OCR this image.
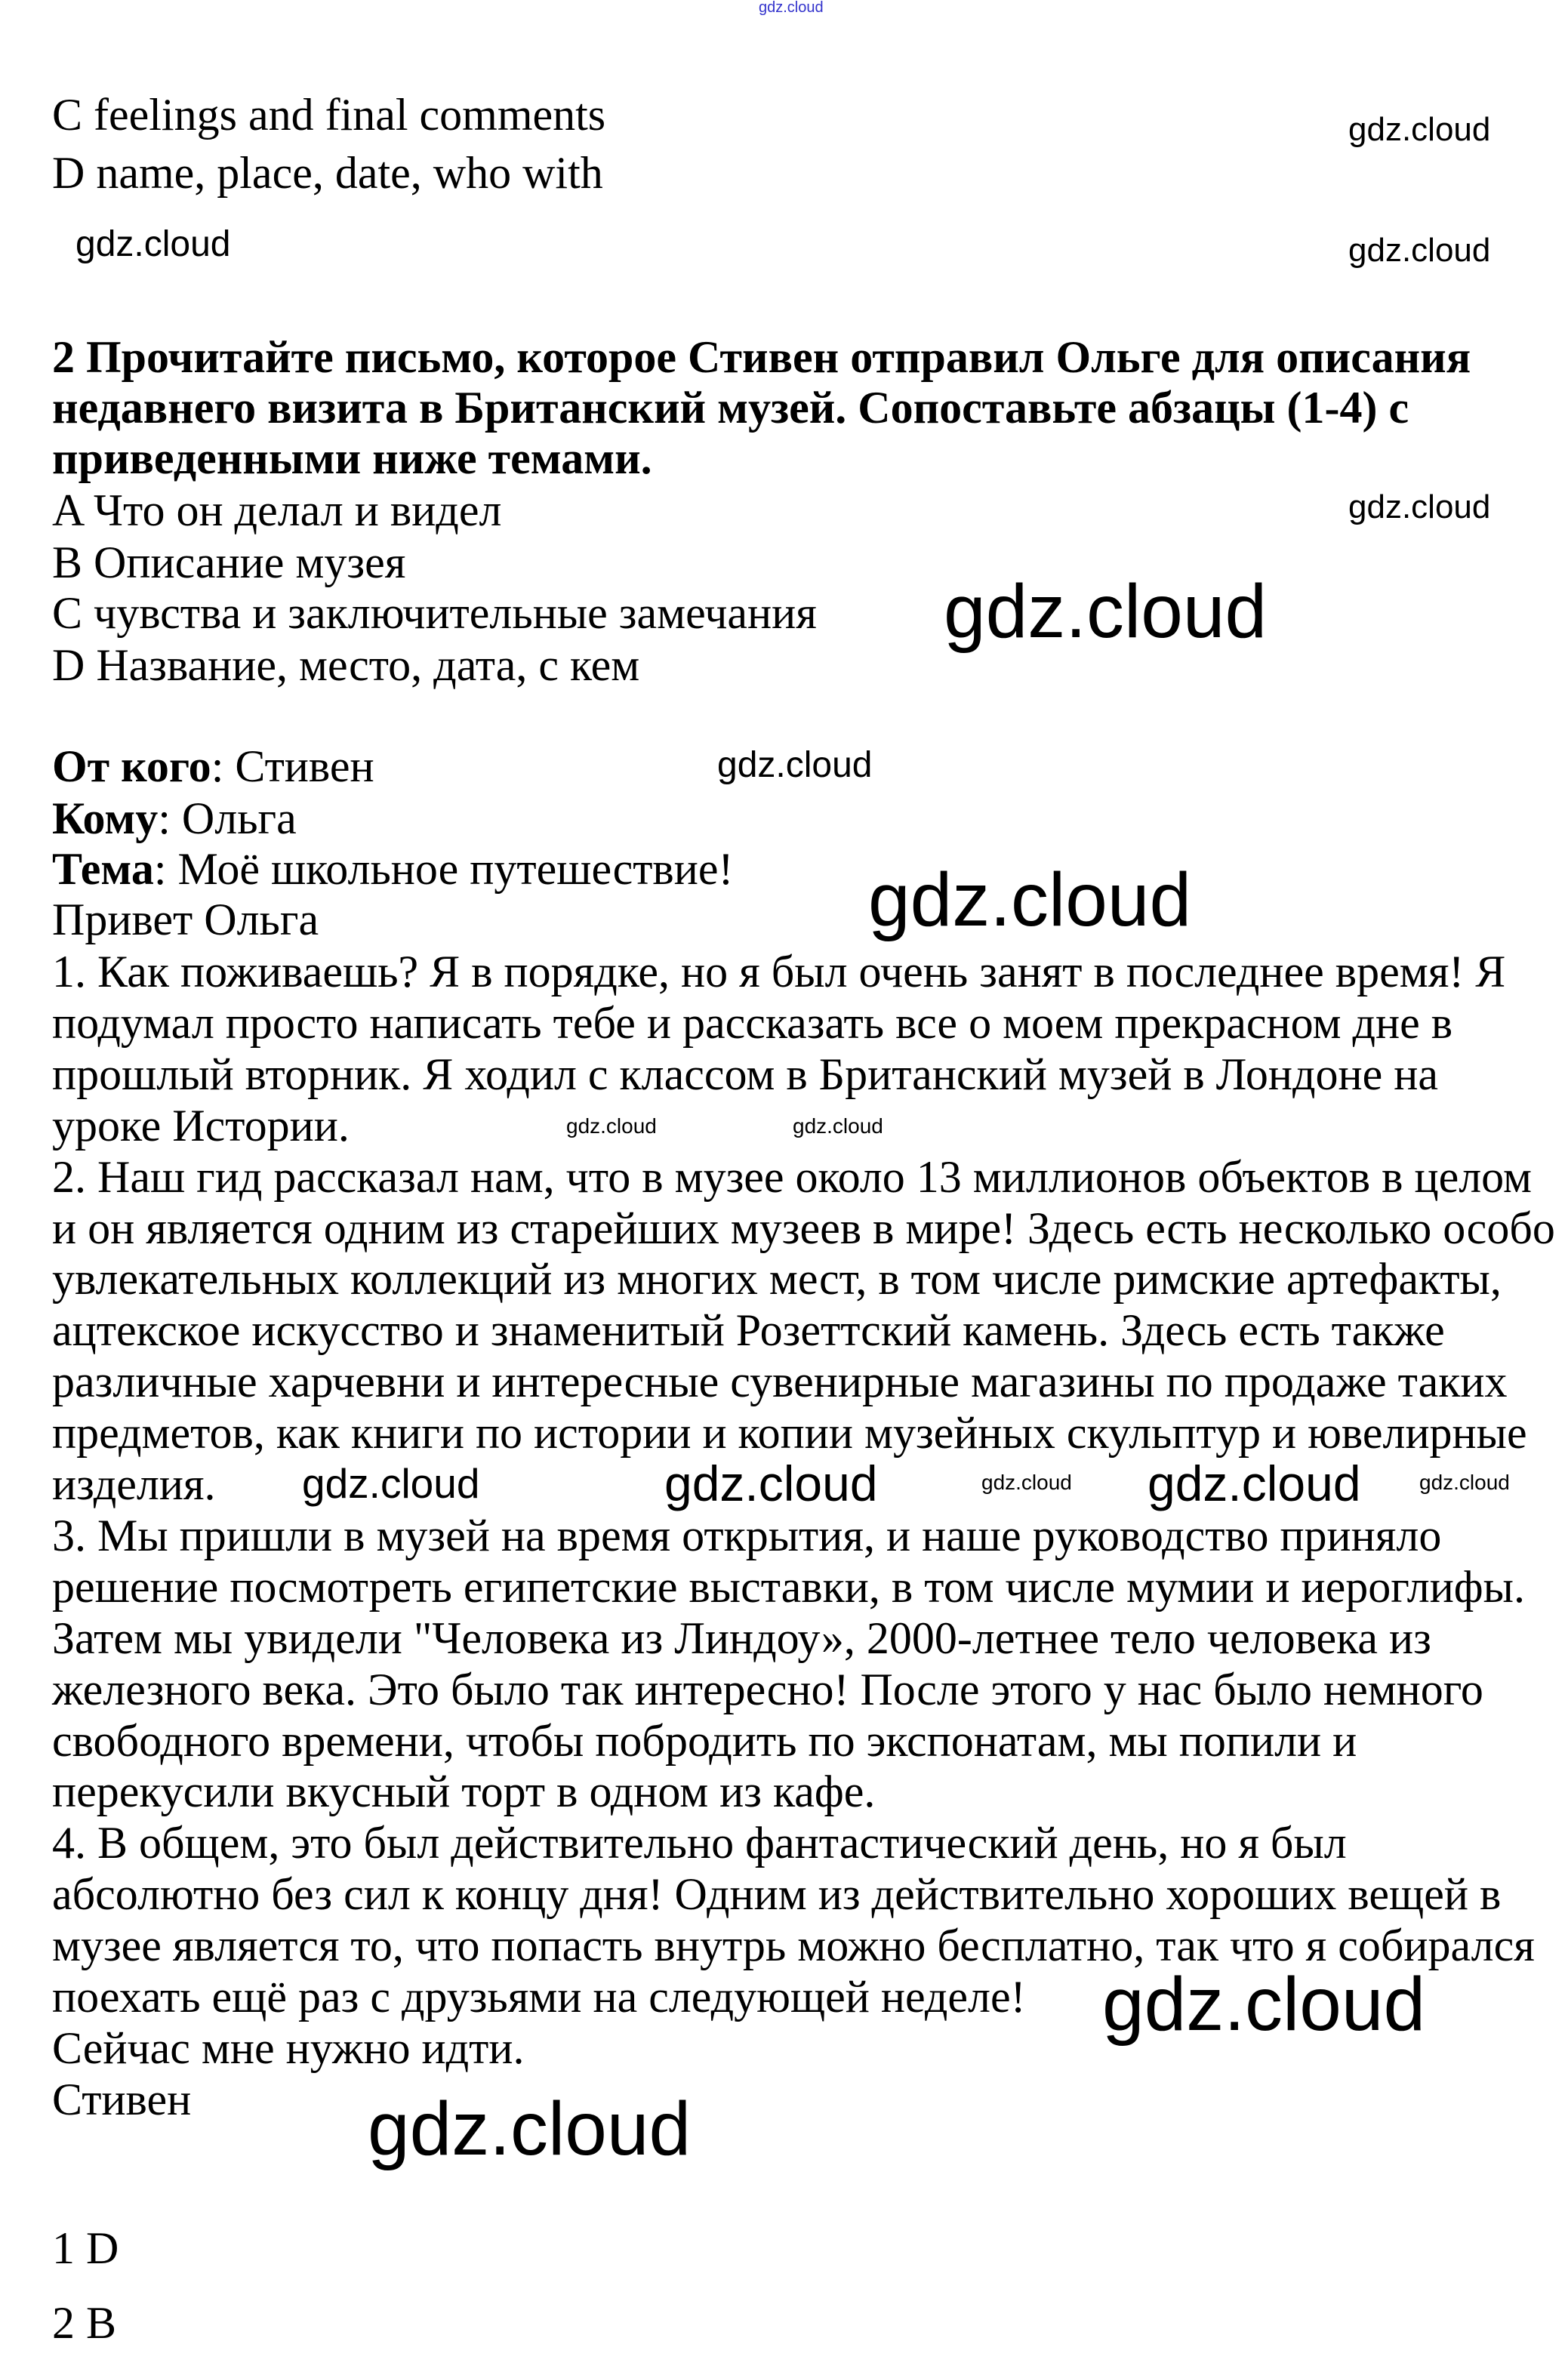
gdz.cloud
C feelings and final comments
D name, place, date, who with
2 Прочитайте письмо, которое Стивен отправил Ольге для описания
недавнего визита в Британский музей. Сопоставьте абзацы (1-4) с
приведенными ниже темами.
A Что он делал и видел
B Описание музея
C чувства и заключительные замечания
D Название, место, дата, с кем
От кого: Стивен
Кому: Ольга
Тема: Моё школьное путешествие!
Привет Ольга
1. Как поживаешь? Я в порядке, но я был очень занят в последнее время! Я
подумал просто написать тебе и рассказать все о моем прекрасном дне в
прошлый вторник. Я ходил с классом в Британский музей в Лондоне на
уроке Истории.
2. Наш гид рассказал нам, что в музее около 13 миллионов объектов в целом
и он является одним из старейших музеев в мире! Здесь есть несколько особо
увлекательных коллекций из многих мест, в том числе римские артефакты,
ацтекское искусство и знаменитый Розеттский камень. Здесь есть также
различные харчевни и интересные сувенирные магазины по продаже таких
предметов, как книги по истории и копии музейных скульптур и ювелирные
изделия.
3. Мы пришли в музей на время открытия, и наше руководство приняло
решение посмотреть египетские выставки, в том числе мумии и иероглифы.
Затем мы увидели "Человека из Линдоу», 2000-летнее тело человека из
железного века. Это было так интересно! После этого у нас было немного
свободного времени, чтобы побродить по экспонатам, мы попили и
перекусили вкусный торт в одном из кафе.
4. В общем, это был действительно фантастический день, но я был
абсолютно без сил к концу дня! Одним из действительно хороших вещей в
музее является то, что попасть внутрь можно бесплатно, так что я собирался
поехать ещё раз с друзьями на следующей неделе!
Сейчас мне нужно идти.
Стивен
1 D
2 B
gdz.cloud
gdz.cloud
gdz.cloud
gdz.cloud
gdz.cloud
gdz.cloud
gdz.cloud
gdz.cloud	gdz.cloud
gdz.cloud	gdz.cloud
gdz.cloud	gdz.cloud
gdz.cloud
gdz.cloud
gdz.cloud
